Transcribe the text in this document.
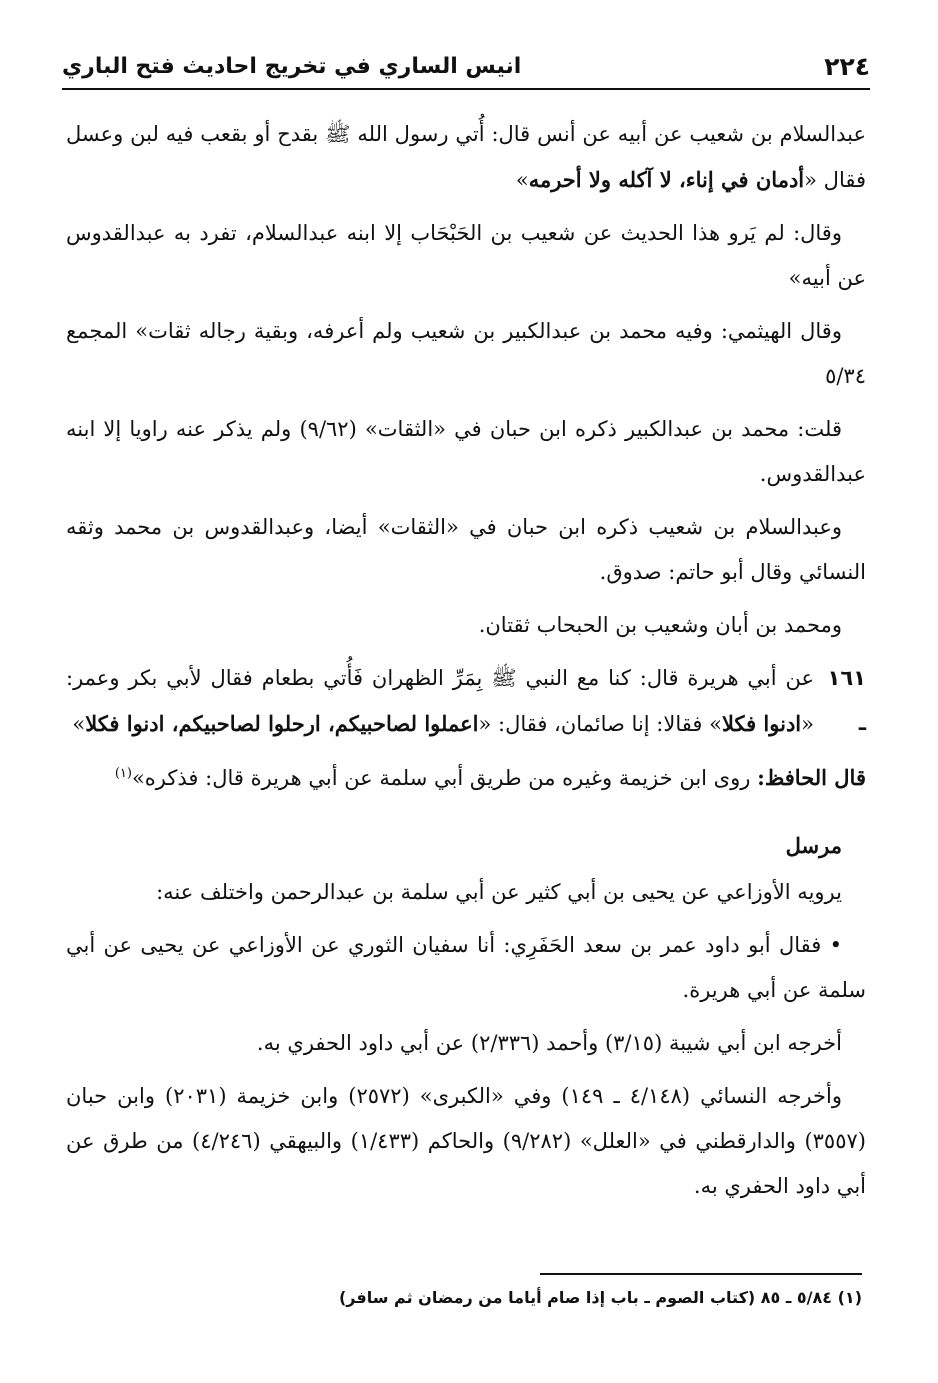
٢٢٤
انيس الساري في تخريج احاديث فتح الباري

عبدالسلام بن شعيب عن أبيه عن أنس قال: أُتي رسول الله ﷺ بقدح أو بقعب فيه لبن وعسل فقال «أدمان في إناء، لا آكله ولا أحرمه»

وقال: لم يَرو هذا الحديث عن شعيب بن الحَبْحَاب إلا ابنه عبدالسلام، تفرد به عبدالقدوس عن أبيه»

وقال الهيثمي: وفيه محمد بن عبدالكبير بن شعيب ولم أعرفه، وبقية رجاله ثقات» المجمع ٥/٣٤

قلت: محمد بن عبدالكبير ذكره ابن حبان في «الثقات» (٩/٦٢) ولم يذكر عنه راويا إلا ابنه عبدالقدوس.

وعبدالسلام بن شعيب ذكره ابن حبان في «الثقات» أيضا، وعبدالقدوس بن محمد وثقه النسائي وقال أبو حاتم: صدوق.

ومحمد بن أبان وشعيب بن الحبحاب ثقتان.

١٦١ ـ
عن أبي هريرة قال: كنا مع النبي ﷺ بِمَرِّ الظهران فَأُتي بطعام فقال لأبي بكر وعمر: «ادنوا فكلا» فقالا: إنا صائمان، فقال: «اعملوا لصاحبيكم، ارحلوا لصاحبيكم، ادنوا فكلا»

قال الحافظ: روى ابن خزيمة وغيره من طريق أبي سلمة عن أبي هريرة قال: فذكره»$^{(١)}$

مرسل

يرويه الأوزاعي عن يحيى بن أبي كثير عن أبي سلمة بن عبدالرحمن واختلف عنه:

• فقال أبو داود عمر بن سعد الحَفَرِي: أنا سفيان الثوري عن الأوزاعي عن يحيى عن أبي سلمة عن أبي هريرة.

أخرجه ابن أبي شيبة (٣/١٥) وأحمد (٢/٣٣٦) عن أبي داود الحفري به.

وأخرجه النسائي (٤/١٤٨ ـ ١٤٩) وفي «الكبرى» (٢٥٧٢) وابن خزيمة (٢٠٣١) وابن حبان (٣٥٥٧) والدارقطني في «العلل» (٩/٢٨٢) والحاكم (١/٤٣٣) والبيهقي (٤/٢٤٦) من طرق عن أبي داود الحفري به.

(١) ٥/٨٤ ـ ٨٥ (كتاب الصوم ـ باب إذا صام أياما من رمضان ثم سافر)
